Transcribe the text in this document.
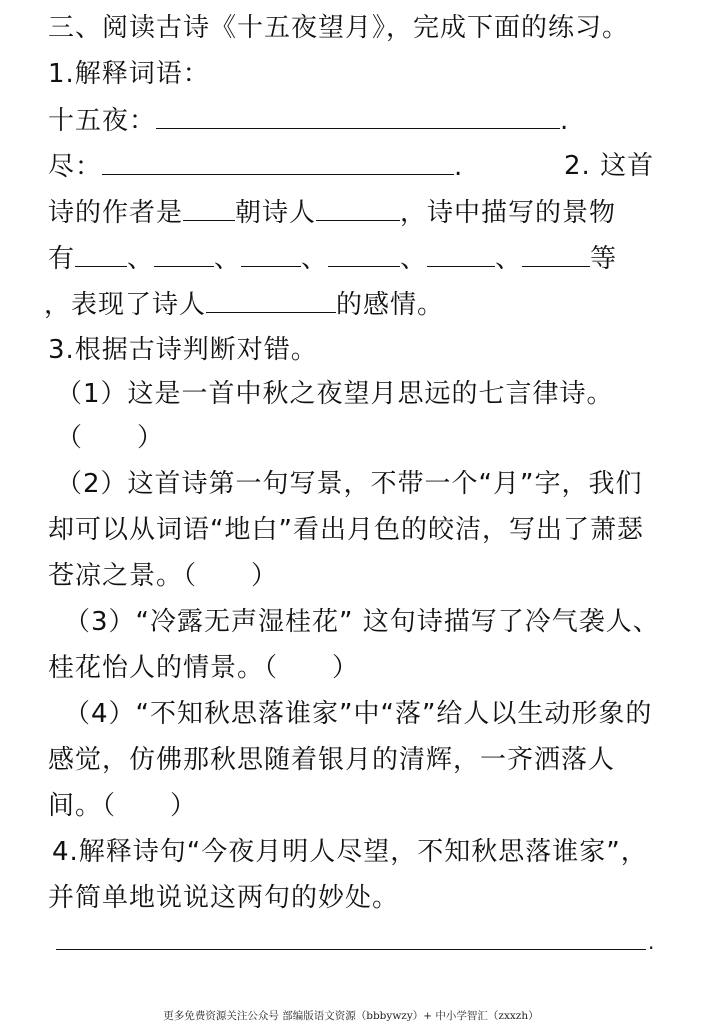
三、阅读古诗《十五夜望月》，完成下面的练习。
1.解释词语：
十五夜：	.
尽：	.	2. 这首
诗的作者是 朝诗人	，诗中描写的景物
有 、 、 、	、	、	等
，表现了诗人	的感情。
3.根据古诗判断对错。
（1）这是一首中秋之夜望月思远的七言律诗。
（　　）
（2）这首诗第一句写景，不带一个“月”字，我们
却可以从词语“地白”看出月色的皎洁，写出了萧瑟
苍凉之景。（　　）
（3）“冷露无声湿桂花” 这句诗描写了冷气袭人、
桂花怡人的情景。（　　）
（4）“不知秋思落谁家”中“落”给人以生动形象的
感觉，仿佛那秋思随着银月的清辉，一齐洒落人
间。（　　）
4.解释诗句“今夜月明人尽望，不知秋思落谁家”，
并简单地说说这两句的妙处。
.
更多免费资源关注公众号 部编版语文资源（bbbywzy）+ 中小学智汇（zxxzh）
